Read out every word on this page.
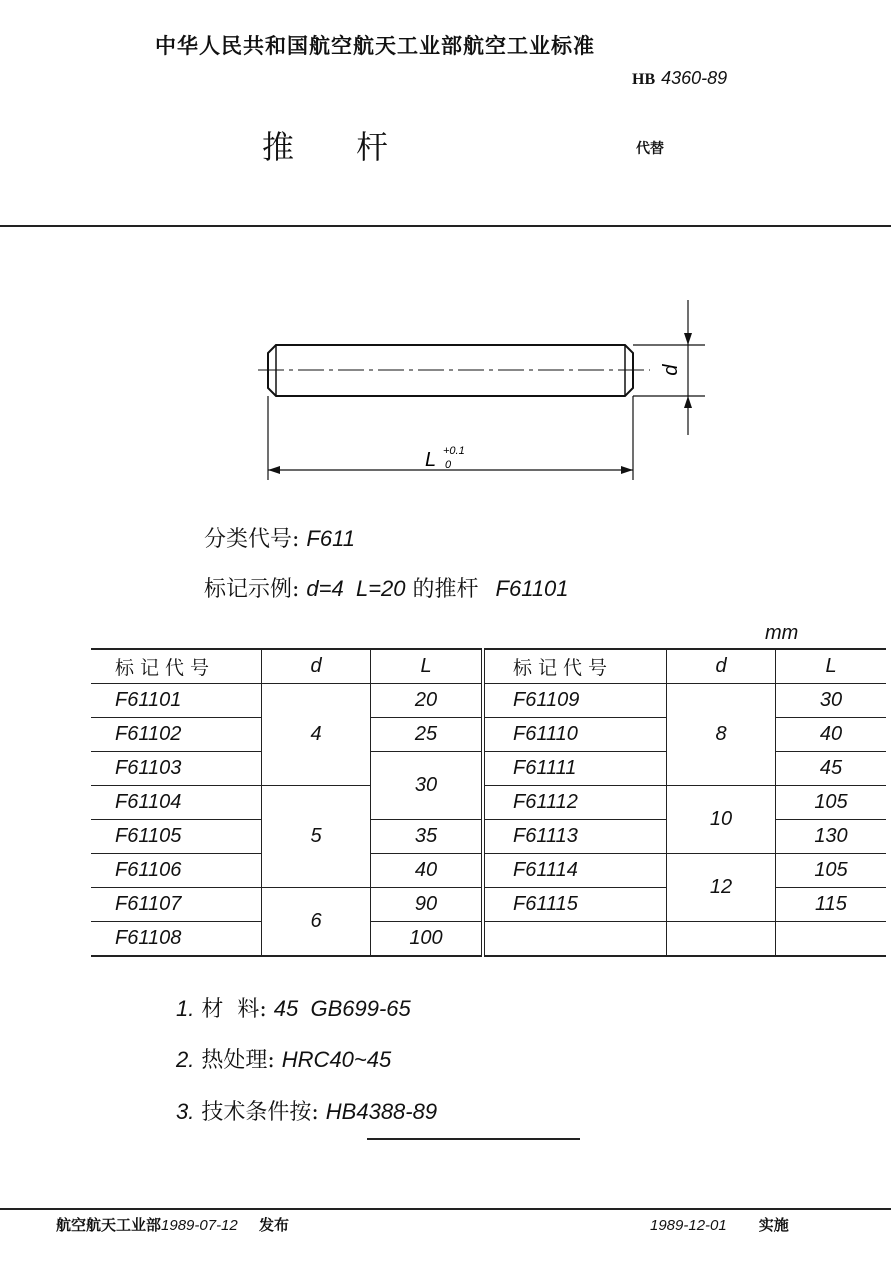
中华人民共和国航空航天工业部航空工业标准
HB 4360-89
推 杆	代替
d
L +0.1
0
分类代号: F611
标记示例: d=4  L=20 的推杆 F61101
mm
标记代号	d	L	标记代号	d	L
F61101	4	20	F61109	8	30
F61102		25	F61110		40
F61103		30	F61111		45
F61104	5		F61112	10	105
F61105		35	F61113		130
F61106		40	F61114	12	105
F61107	6	90	F61115		115
F61108		100			
1. 材  料: 45  GB699-65
2. 热处理: HRC40~45
3. 技术条件按: HB4388-89
航空航天工业部1989-07-12 发布	1989-12-01 实施
